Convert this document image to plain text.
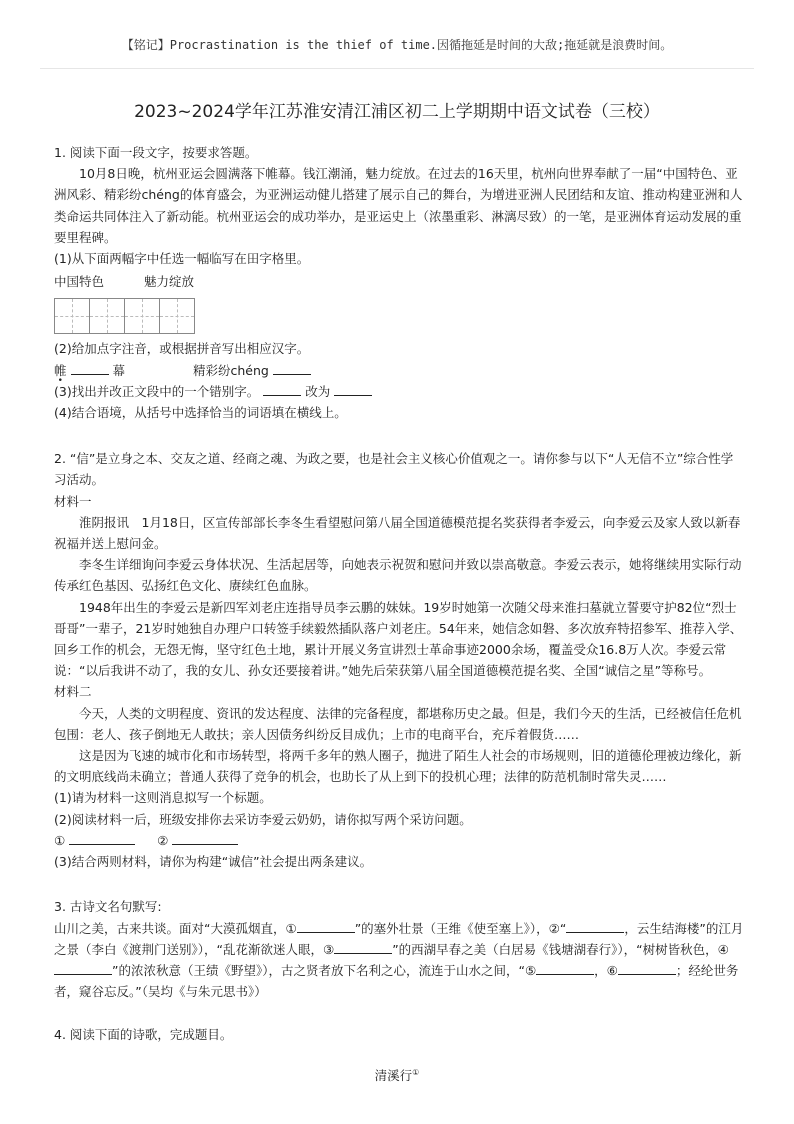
【铭记】Procrastination is the thief of time.因循拖延是时间的大敌;拖延就是浪费时间。
2023~2024学年江苏淮安清江浦区初二上学期期中语文试卷（三校）

1. 阅读下面一段文字，按要求答题。

10月8日晚，杭州亚运会圆满落下帷幕。钱江潮涌，魅力绽放。在过去的16天里，杭州向世界奉献了一届“中国特色、亚洲风彩、精彩纷chéng的体育盛会，为亚洲运动健儿搭建了展示自己的舞台，为增进亚洲人民团结和友谊、推动构建亚洲和人类命运共同体注入了新动能。杭州亚运会的成功举办，是亚运史上（浓墨重彩、淋漓尽致）的一笔，是亚洲体育运动发展的重要里程碑。

(1)从下面两幅字中任选一幅临写在田字格里。

中国特色	魅力绽放

(2)给加点字注音，或根据拼音写出相应汉字。

帷	幕	精彩纷chéng

(3)找出并改正文段中的一个错别字。	改为

(4)结合语境，从括号中选择恰当的词语填在横线上。

2. “信”是立身之本、交友之道、经商之魂、为政之要，也是社会主义核心价值观之一。请你参与以下“人无信不立”综合性学习活动。

材料一

淮阴报讯　1月18日，区宣传部部长李冬生看望慰问第八届全国道德模范提名奖获得者李爱云，向李爱云及家人致以新春祝福并送上慰问金。

李冬生详细询问李爱云身体状况、生活起居等，向她表示祝贺和慰问并致以崇高敬意。李爱云表示，她将继续用实际行动传承红色基因、弘扬红色文化、赓续红色血脉。

1948年出生的李爱云是新四军刘老庄连指导员李云鹏的妹妹。19岁时她第一次随父母来淮扫墓就立誓要守护82位“烈士哥哥”一辈子，21岁时她独自办理户口转签手续毅然插队落户刘老庄。54年来，她信念如磐、多次放弃特招参军、推荐入学、回乡工作的机会，无怨无悔，坚守红色土地，累计开展义务宣讲烈士革命事迹2000余场，覆盖受众16.8万人次。李爱云常说：“以后我讲不动了，我的女儿、孙女还要接着讲。”她先后荣获第八届全国道德模范提名奖、全国“诚信之星”等称号。

材料二

今天，人类的文明程度、资讯的发达程度、法律的完备程度，都堪称历史之最。但是，我们今天的生活，已经被信任危机包围：老人、孩子倒地无人敢扶；亲人因债务纠纷反目成仇；上市的电商平台，充斥着假货……

这是因为飞速的城市化和市场转型，将两千多年的熟人圈子，抛进了陌生人社会的市场规则，旧的道德伦理被边缘化，新的文明底线尚未确立；普通人获得了竞争的机会，也助长了从上到下的投机心理；法律的防范机制时常失灵……

(1)请为材料一这则消息拟写一个标题。

(2)阅读材料一后，班级安排你去采访李爱云奶奶，请你拟写两个采访问题。

①	②

(3)结合两则材料，请你为构建“诚信”社会提出两条建议。

3. 古诗文名句默写:

山川之美，古来共谈。面对“大漠孤烟直，①	”的塞外壮景（王维《使至塞上》），②“	，云生结海楼”的江月之景（李白《渡荆门送别》），“乱花渐欲迷人眼，③	”的西湖早春之美（白居易《钱塘湖春行》），“树树皆秋色，④”的浓浓秋意（王绩《野望》），古之贤者放下名利之心，流连于山水之间，“⑤	，⑥	；经纶世务者，窥谷忘反。”（吴均《与朱元思书》）

4. 阅读下面的诗歌，完成题目。

清溪行①
